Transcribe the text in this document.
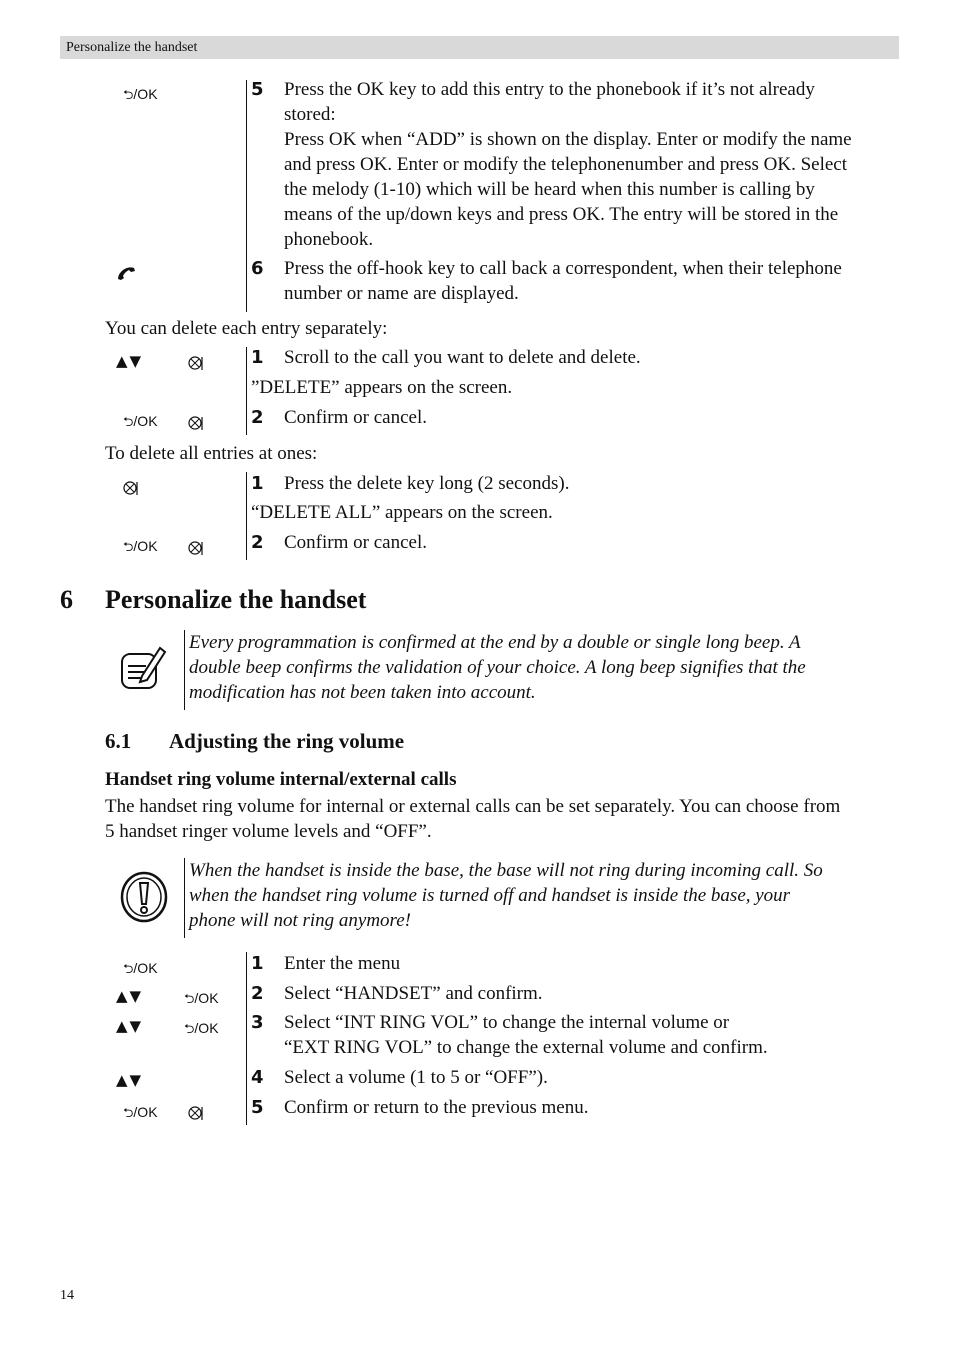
Personalize the handset
⮌/OK	5 Press the OK key to add this entry to the phonebook if it’s not already
stored:
Press OK when “ADD” is shown on the display. Enter or modify the name
and press OK. Enter or modify the telephonenumber and press OK. Select
the melody (1-10) which will be heard when this number is calling by
means of the up/down keys and press OK. The entry will be stored in the
phonebook.
6 Press the off-hook key to call back a correspondent, when their telephone
number or name are displayed.
You can delete each entry separately:
▲▼	1 Scroll to the call you want to delete and delete.
”DELETE” appears on the screen.
⮌/OK	2 Confirm or cancel.
To delete all entries at ones:
1 Press the delete key long (2 seconds).
“DELETE ALL” appears on the screen.
⮌/OK	2 Confirm or cancel.
6 Personalize the handset
Every programmation is confirmed at the end by a double or single long beep. A
double beep confirms the validation of your choice. A long beep signifies that the
modification has not been taken into account.
6.1 Adjusting the ring volume
Handset ring volume internal/external calls
The handset ring volume for internal or external calls can be set separately. You can choose from
5 handset ringer volume levels and “OFF”.
When the handset is inside the base, the base will not ring during incoming call. So
when the handset ring volume is turned off and handset is inside the base, your
phone will not ring anymore!
⮌/OK	1 Enter the menu
▲▼	⮌/OK 2 Select “HANDSET” and confirm.
▲▼	⮌/OK 3 Select “INT RING VOL” to change the internal volume or
“EXT RING VOL” to change the external volume and confirm.
▲▼	4 Select a volume (1 to 5 or “OFF”).
⮌/OK	5 Confirm or return to the previous menu.
14
